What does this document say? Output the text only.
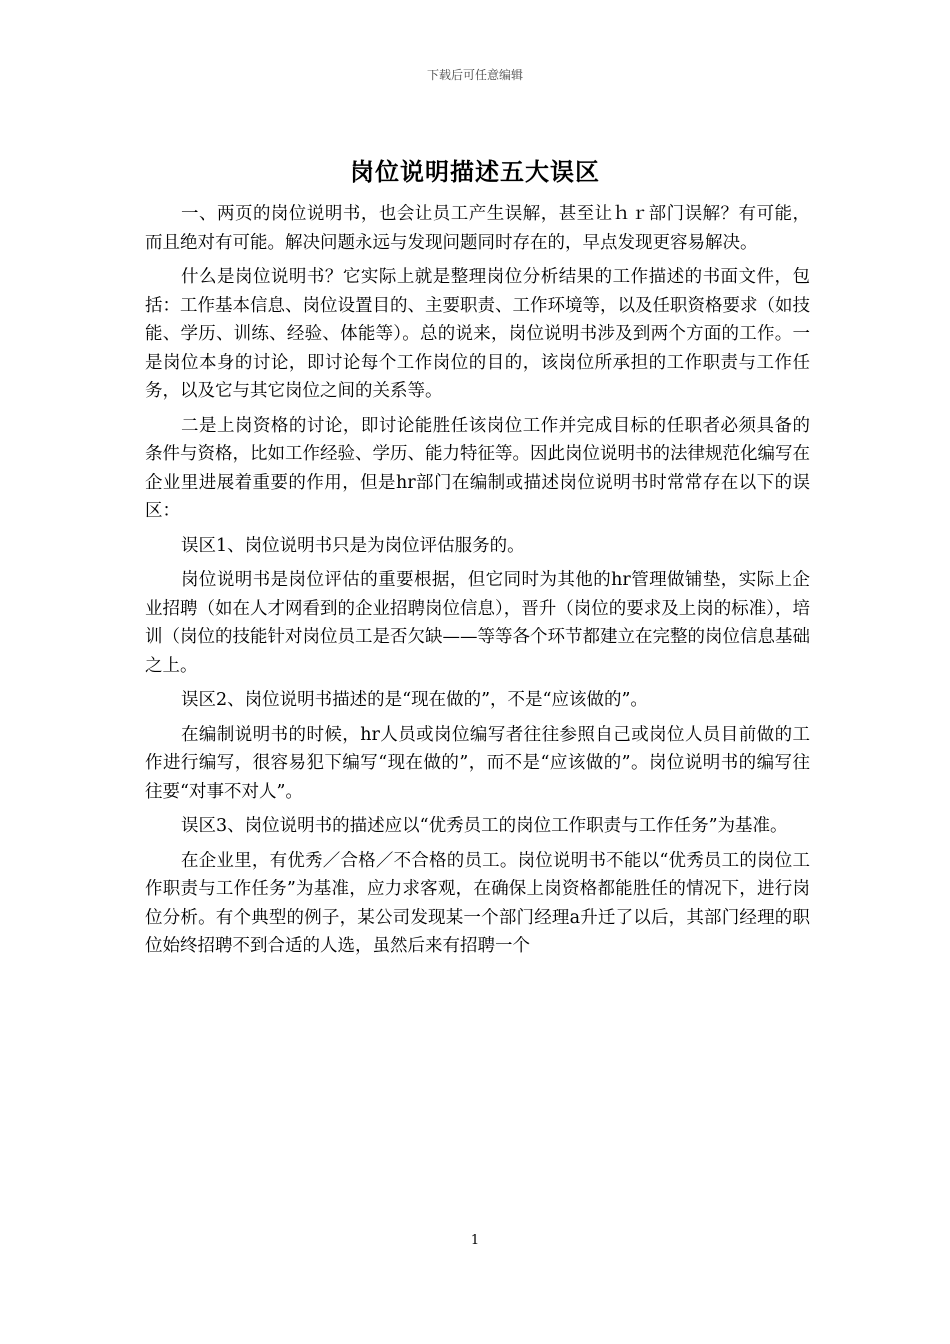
下载后可任意编辑
岗位说明描述五大误区

一、两页的岗位说明书，也会让员工产生误解，甚至让ｈｒ部门误解？有可能，而且绝对有可能。解决问题永远与发现问题同时存在的，早点发现更容易解决。

什么是岗位说明书？它实际上就是整理岗位分析结果的工作描述的书面文件，包括：工作基本信息、岗位设置目的、主要职责、工作环境等，以及任职资格要求（如技能、学历、训练、经验、体能等）。总的说来，岗位说明书涉及到两个方面的工作。一是岗位本身的讨论，即讨论每个工作岗位的目的，该岗位所承担的工作职责与工作任务，以及它与其它岗位之间的关系等。

二是上岗资格的讨论，即讨论能胜任该岗位工作并完成目标的任职者必须具备的条件与资格，比如工作经验、学历、能力特征等。因此岗位说明书的法律规范化编写在企业里进展着重要的作用，但是hr部门在编制或描述岗位说明书时常常存在以下的误区：

误区1、岗位说明书只是为岗位评估服务的。

岗位说明书是岗位评估的重要根据，但它同时为其他的hr管理做铺垫，实际上企业招聘（如在人才网看到的企业招聘岗位信息），晋升（岗位的要求及上岗的标准），培训（岗位的技能针对岗位员工是否欠缺——等等各个环节都建立在完整的岗位信息基础之上。

误区2、岗位说明书描述的是“现在做的”，不是“应该做的”。

在编制说明书的时候，hr人员或岗位编写者往往参照自己或岗位人员目前做的工作进行编写，很容易犯下编写“现在做的”，而不是“应该做的”。岗位说明书的编写往往要“对事不对人”。

误区3、岗位说明书的描述应以“优秀员工的岗位工作职责与工作任务”为基准。

在企业里，有优秀／合格／不合格的员工。岗位说明书不能以“优秀员工的岗位工作职责与工作任务”为基准，应力求客观，在确保上岗资格都能胜任的情况下，进行岗位分析。有个典型的例子，某公司发现某一个部门经理a升迁了以后，其部门经理的职位始终招聘不到合适的人选，虽然后来有招聘一个

1
